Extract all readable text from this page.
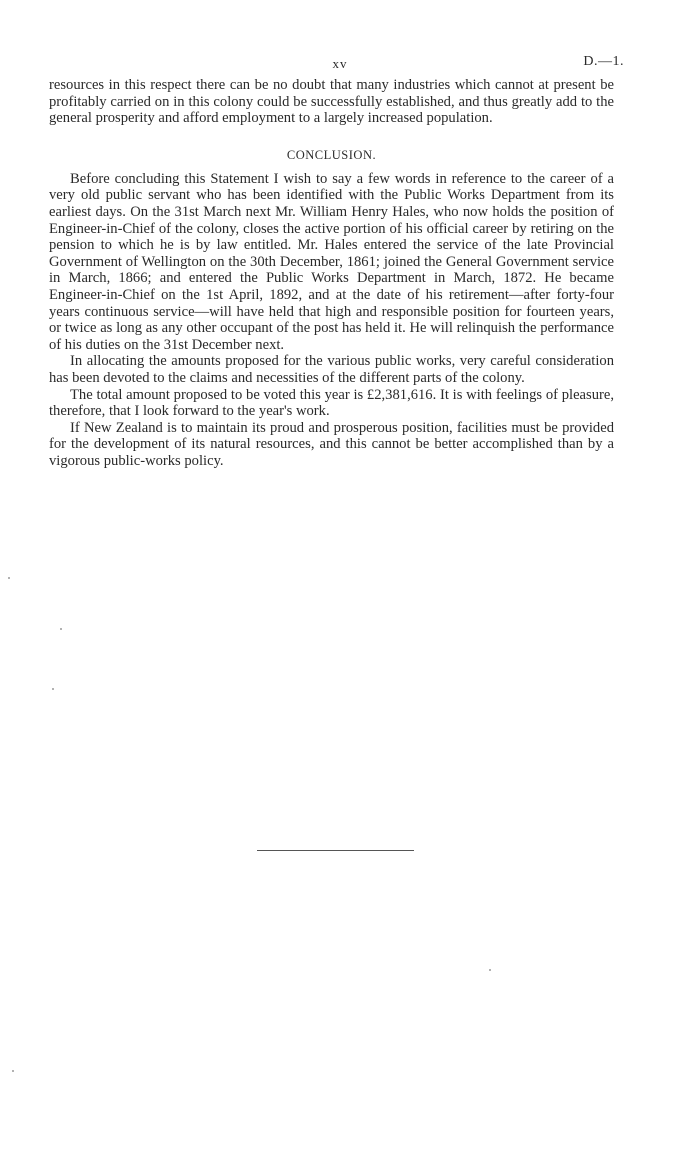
xv	D.—1.

resources in this respect there can be no doubt that many industries which cannot at present be profitably carried on in this colony could be successfully established, and thus greatly add to the general prosperity and afford employment to a largely increased population.

CONCLUSION.

Before concluding this Statement I wish to say a few words in reference to the career of a very old public servant who has been identified with the Public Works Department from its earliest days. On the 31st March next Mr. William Henry Hales, who now holds the position of Engineer-in-Chief of the colony, closes the active portion of his official career by retiring on the pension to which he is by law entitled. Mr. Hales entered the service of the late Provincial Government of Wellington on the 30th December, 1861; joined the General Government service in March, 1866; and entered the Public Works Department in March, 1872. He became Engineer-in-Chief on the 1st April, 1892, and at the date of his retirement—after forty-four years continuous service—will have held that high and responsible position for fourteen years, or twice as long as any other occupant of the post has held it. He will relinquish the performance of his duties on the 31st December next.

In allocating the amounts proposed for the various public works, very careful consideration has been devoted to the claims and necessities of the different parts of the colony.

The total amount proposed to be voted this year is £2,381,616. It is with feelings of pleasure, therefore, that I look forward to the year's work.

If New Zealand is to maintain its proud and prosperous position, facilities must be provided for the development of its natural resources, and this cannot be better accomplished than by a vigorous public-works policy.
